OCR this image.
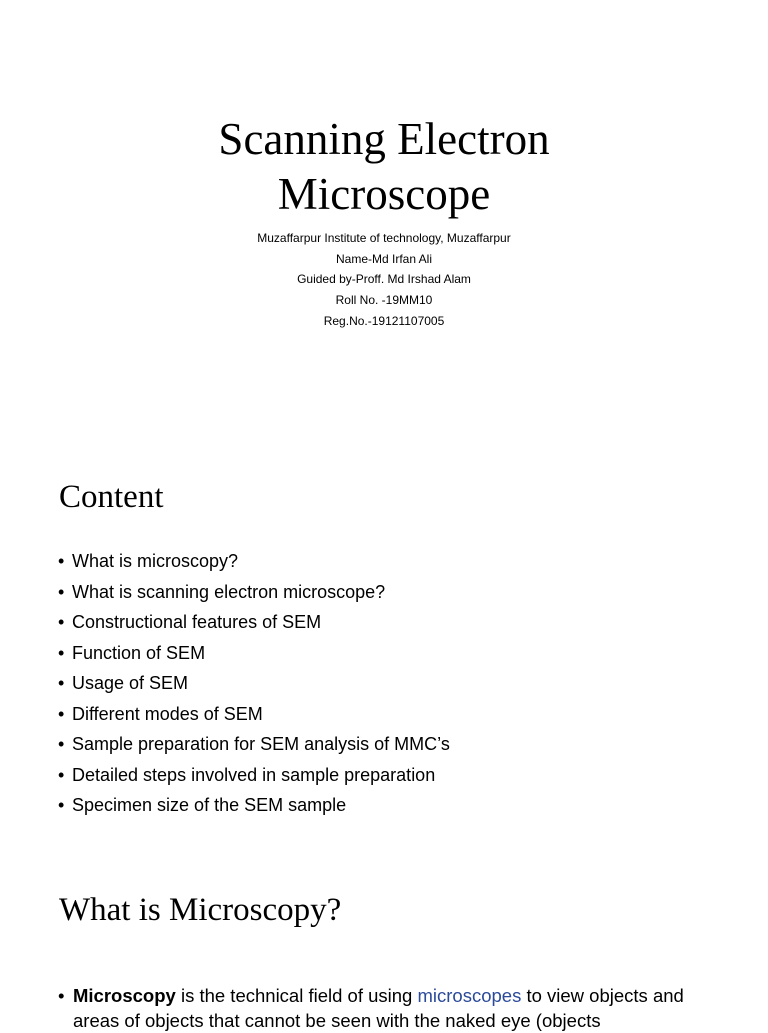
Scanning Electron
Microscope
Muzaffarpur Institute of technology, Muzaffarpur
Name-Md Irfan Ali
Guided by-Proff. Md Irshad Alam
Roll No. -19MM10
Reg.No.-19121107005
Content
• What is microscopy?
• What is scanning electron microscope?
• Constructional features of SEM
• Function of SEM
• Usage of SEM
• Different modes of SEM
• Sample preparation for SEM analysis of MMC’s
• Detailed steps involved in sample preparation
• Specimen size of the SEM sample
What is Microscopy?

• Microscopy is the technical field of using microscopes to view objects and areas of objects that cannot be seen with the naked eye (objects
